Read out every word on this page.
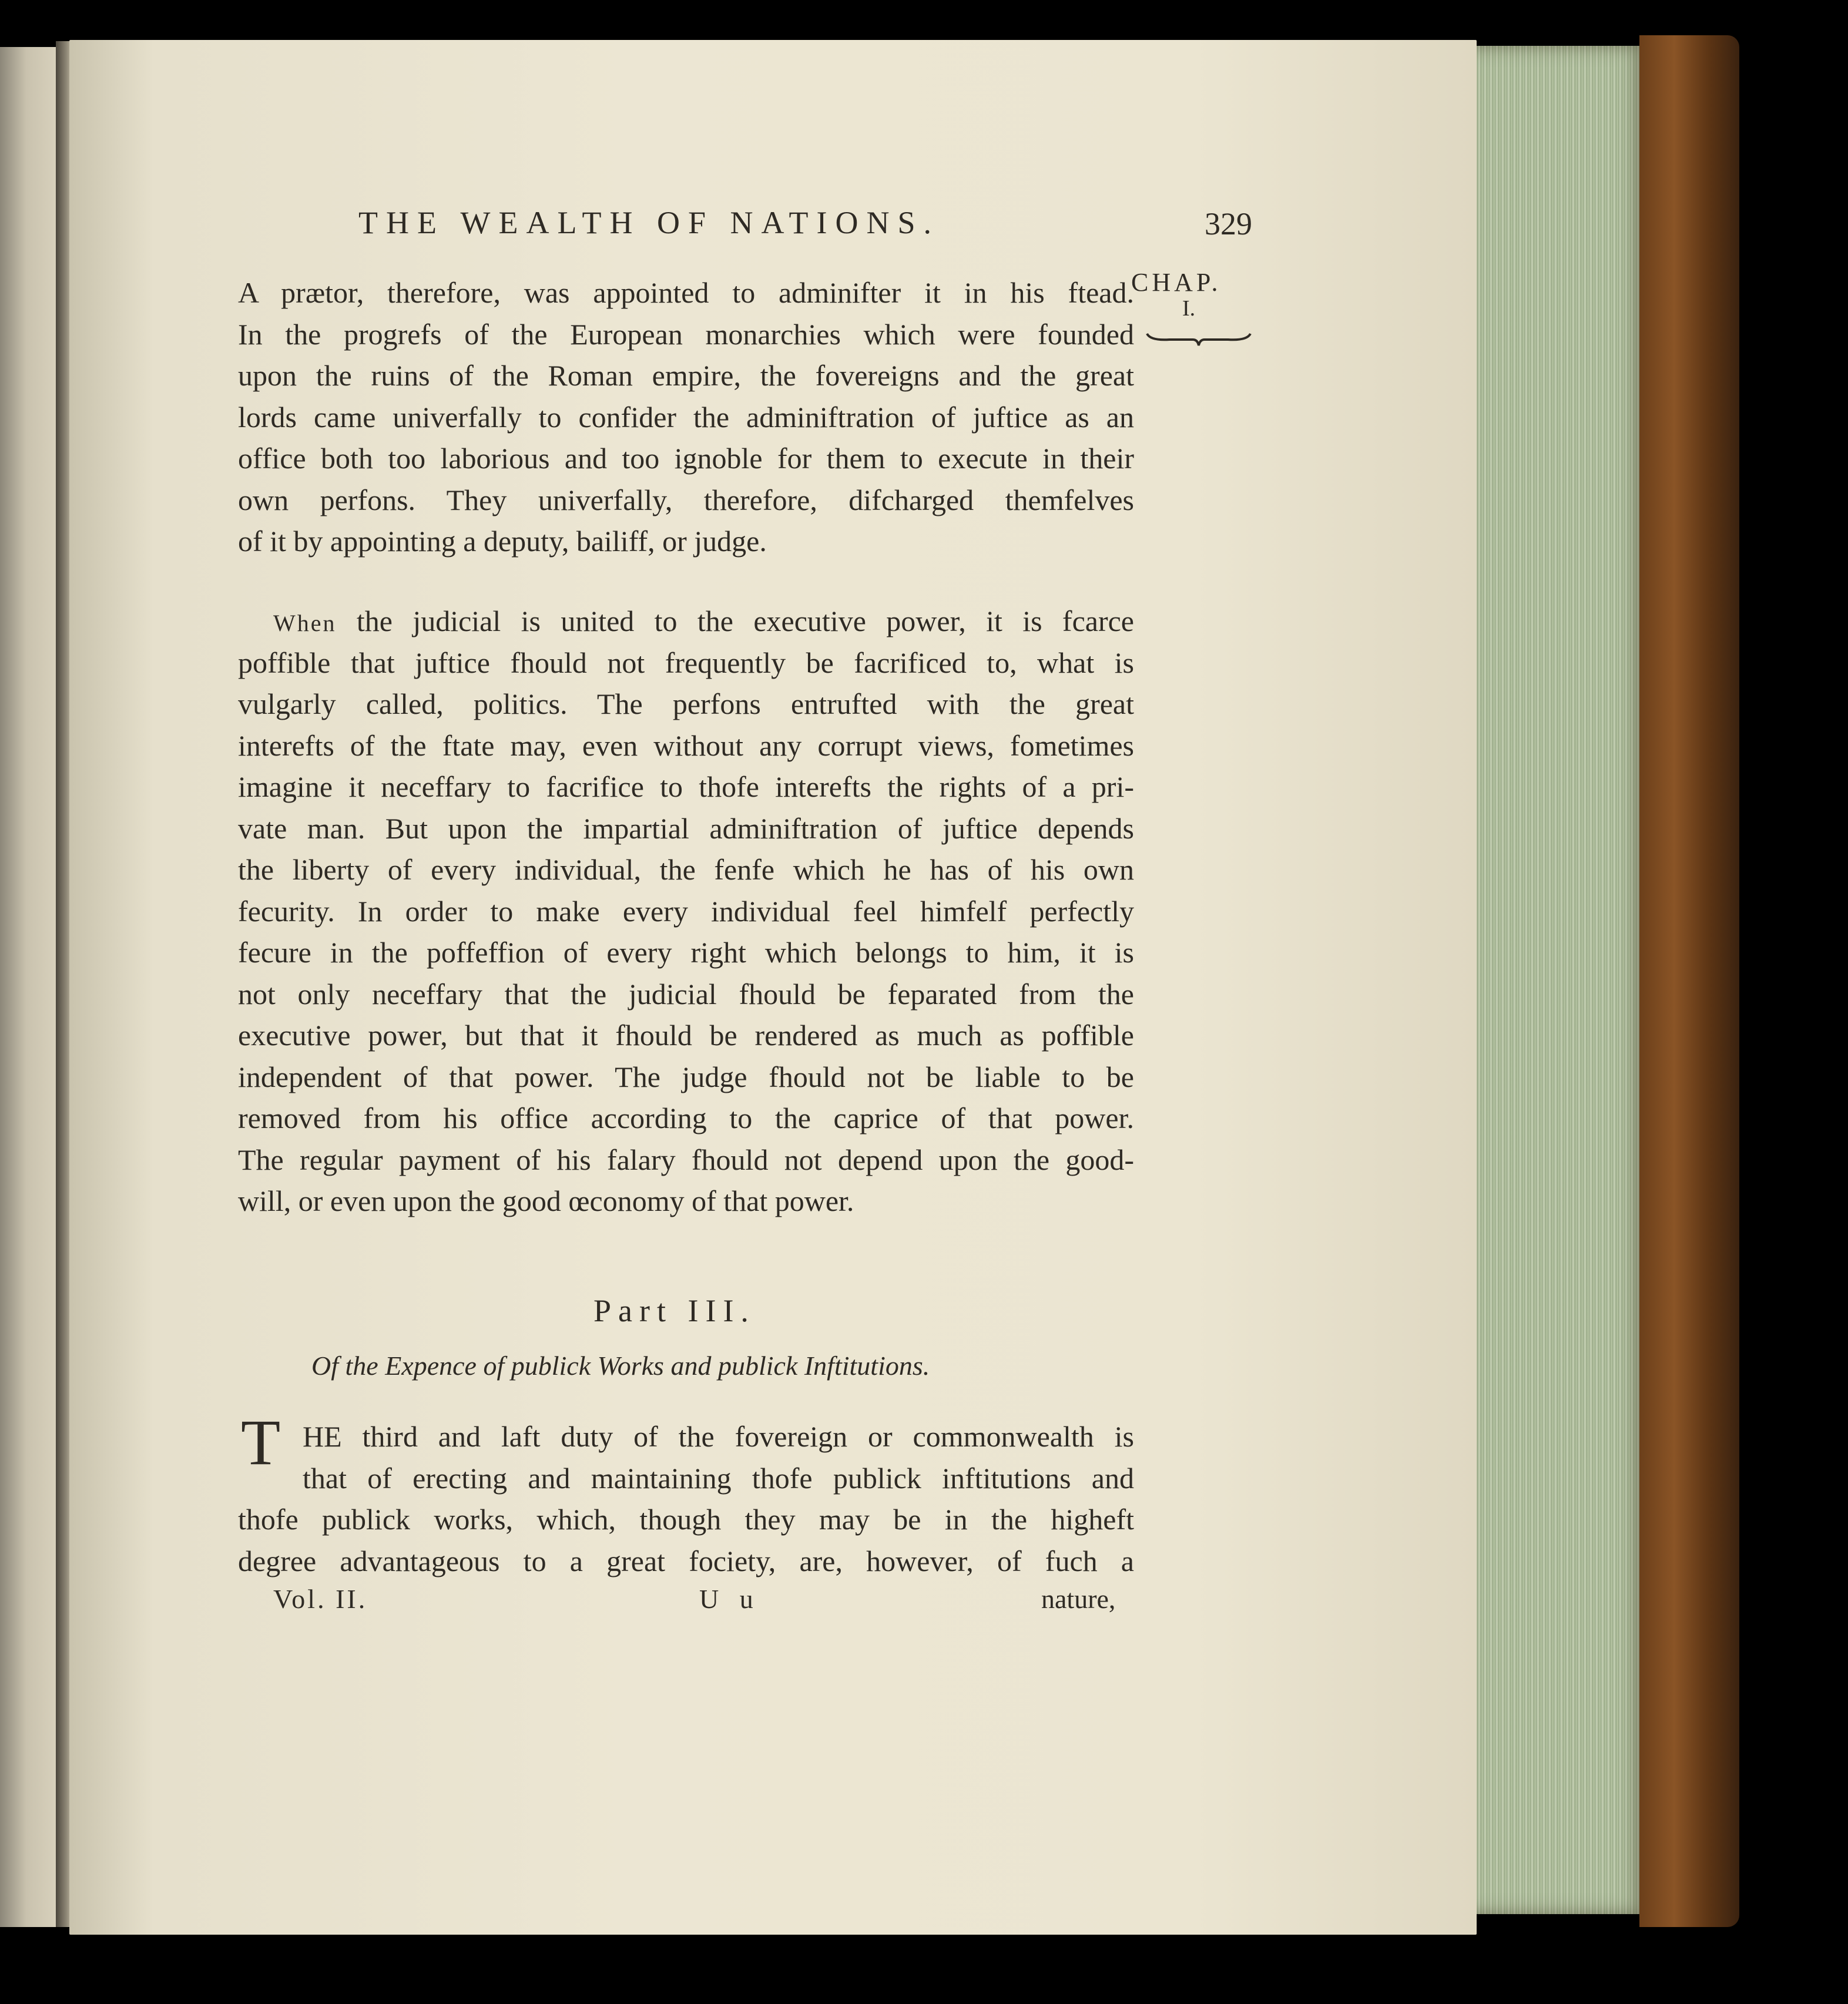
THE WEALTH OF NATIONS.	329
CHAP.
I.
A prætor, therefore, was appointed to adminifter it in his ftead.
In the progrefs of the European monarchies which were founded
upon the ruins of the Roman empire, the fovereigns and the great
lords came univerfally to confider the adminiftration of juftice as an
office both too laborious and too ignoble for them to execute in their
own perfons. They univerfally, therefore, difcharged themfelves
of it by appointing a deputy, bailiff, or judge.
When the judicial is united to the executive power, it is fcarce
poffible that juftice fhould not frequently be facrificed to, what is
vulgarly called, politics. The perfons entrufted with the great
interefts of the ftate may, even without any corrupt views, fometimes
imagine it neceffary to facrifice to thofe interefts the rights of a pri-
vate man. But upon the impartial adminiftration of juftice depends
the liberty of every individual, the fenfe which he has of his own
fecurity. In order to make every individual feel himfelf perfectly
fecure in the poffeffion of every right which belongs to him, it is
not only neceffary that the judicial fhould be feparated from the
executive power, but that it fhould be rendered as much as poffible
independent of that power. The judge fhould not be liable to be
removed from his office according to the caprice of that power.
The regular payment of his falary fhould not depend upon the good-
will, or even upon the good œconomy of that power.
Part III.
Of the Expence of publick Works and publick Inftitutions.
T HE third and laft duty of the fovereign or commonwealth is
that of erecting and maintaining thofe publick inftitutions and
thofe publick works, which, though they may be in the higheft
degree advantageous to a great fociety, are, however, of fuch a
Vol. II.	U u	nature,
